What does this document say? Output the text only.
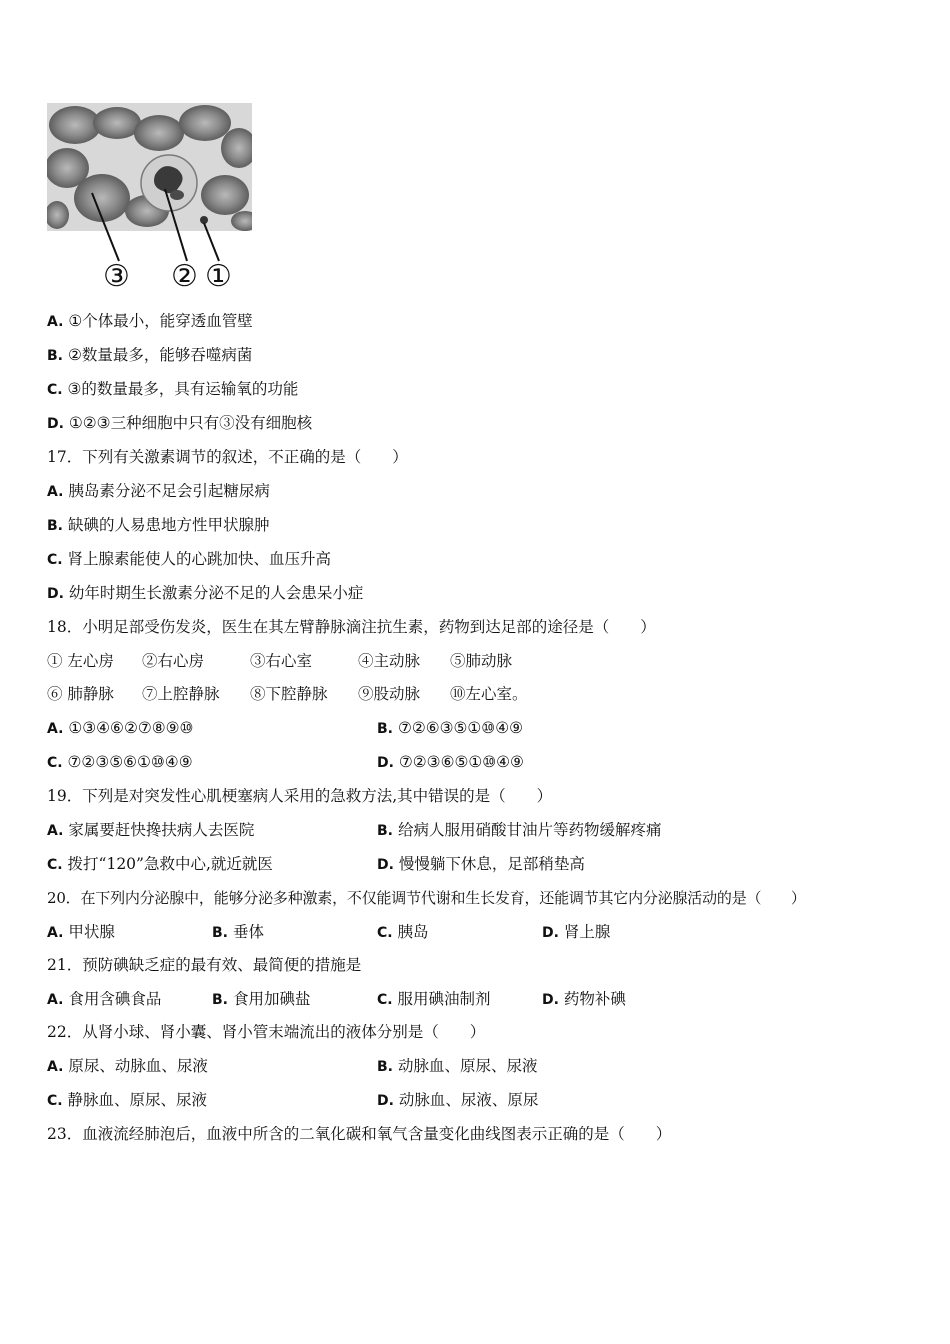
③ ② ①
A. ①个体最小，能穿透血管壁
B. ②数量最多，能够吞噬病菌
C. ③的数量最多，具有运输氧的功能
D. ①②③三种细胞中只有③没有细胞核
17．下列有关激素调节的叙述，不正确的是（　　）
A. 胰岛素分泌不足会引起糖尿病
B. 缺碘的人易患地方性甲状腺肿
C. 肾上腺素能使人的心跳加快、血压升高
D. 幼年时期生长激素分泌不足的人会患呆小症
18．小明足部受伤发炎，医生在其左臂静脉滴注抗生素，药物到达足部的途径是（　　）
① 左心房 ②右心房	③右心室	④主动脉 ⑤肺动脉
⑥ 肺静脉 ⑦上腔静脉 ⑧下腔静脉 ⑨股动脉 ⑩左心室。
A. ①③④⑥②⑦⑧⑨⑩	B. ⑦②⑥③⑤①⑩④⑨
C. ⑦②③⑤⑥①⑩④⑨	D. ⑦②③⑥⑤①⑩④⑨
19．下列是对突发性心肌梗塞病人采用的急救方法,其中错误的是（　　）
A. 家属要赶快搀扶病人去医院	B. 给病人服用硝酸甘油片等药物缓解疼痛
C. 拨打“120”急救中心,就近就医	D. 慢慢躺下休息，足部稍垫高
20．在下列内分泌腺中，能够分泌多种激素，不仅能调节代谢和生长发育，还能调节其它内分泌腺活动的是（　　）
A. 甲状腺	B. 垂体	C. 胰岛	D. 肾上腺
21．预防碘缺乏症的最有效、最简便的措施是
A. 食用含碘食品	B. 食用加碘盐	C. 服用碘油制剂	D. 药物补碘
22．从肾小球、肾小囊、肾小管末端流出的液体分别是（　　）
A. 原尿、动脉血、尿液	B. 动脉血、原尿、尿液
C. 静脉血、原尿、尿液	D. 动脉血、尿液、原尿
23．血液流经肺泡后，血液中所含的二氧化碳和氧气含量变化曲线图表示正确的是（　　）
